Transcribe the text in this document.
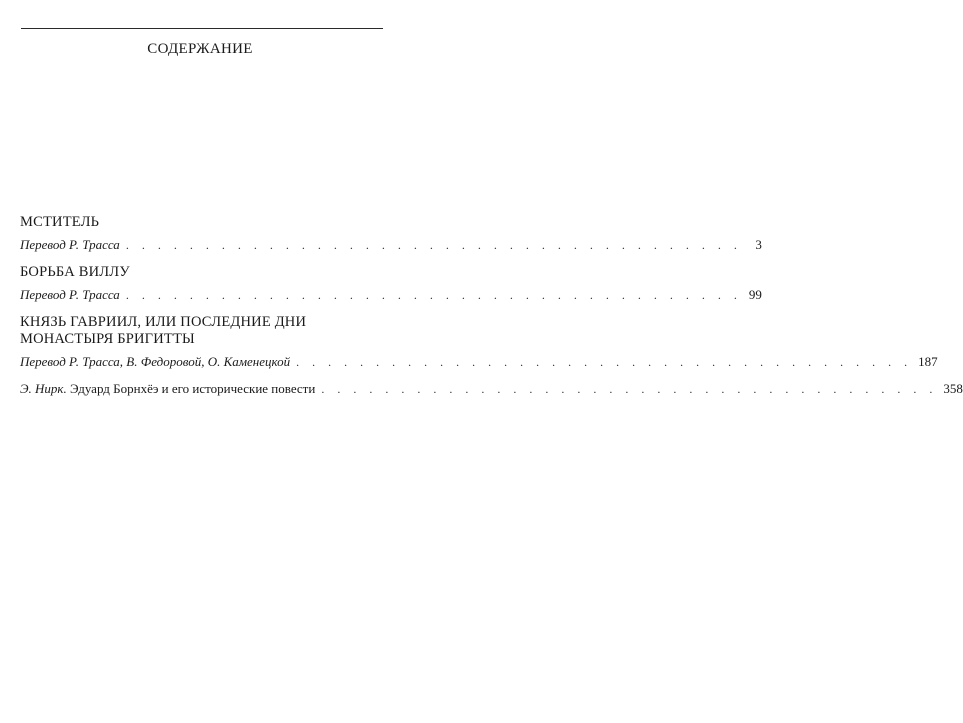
СОДЕРЖАНИЕ
МСТИТЕЛЬ
Перевод Р. Трасса . . . . . . . . . . . . . . . . . . . . . . . . . . . . . . . . . . . . . . .	3
БОРЬБА ВИЛЛУ
Перевод Р. Трасса . . . . . . . . . . . . . . . . . . . . . . . . . . . . . . . . . . . . . . . 99
КНЯЗЬ ГАВРИИЛ, ИЛИ ПОСЛЕДНИЕ ДНИ
МОНАСТЫРЯ БРИГИТТЫ
Перевод Р. Трасса, В. Федоровой, О. Каменецкой . . . . . . . . . . . . . . . . . . . . . . . . . . . . . . . . . . . . . . . 187
Э. Нирк. Эдуард Борнхёэ и его исторические повести . . . . . . . . . . . . . . . . . . . . . . . . . . . . . . . . . . . . . . . 358
